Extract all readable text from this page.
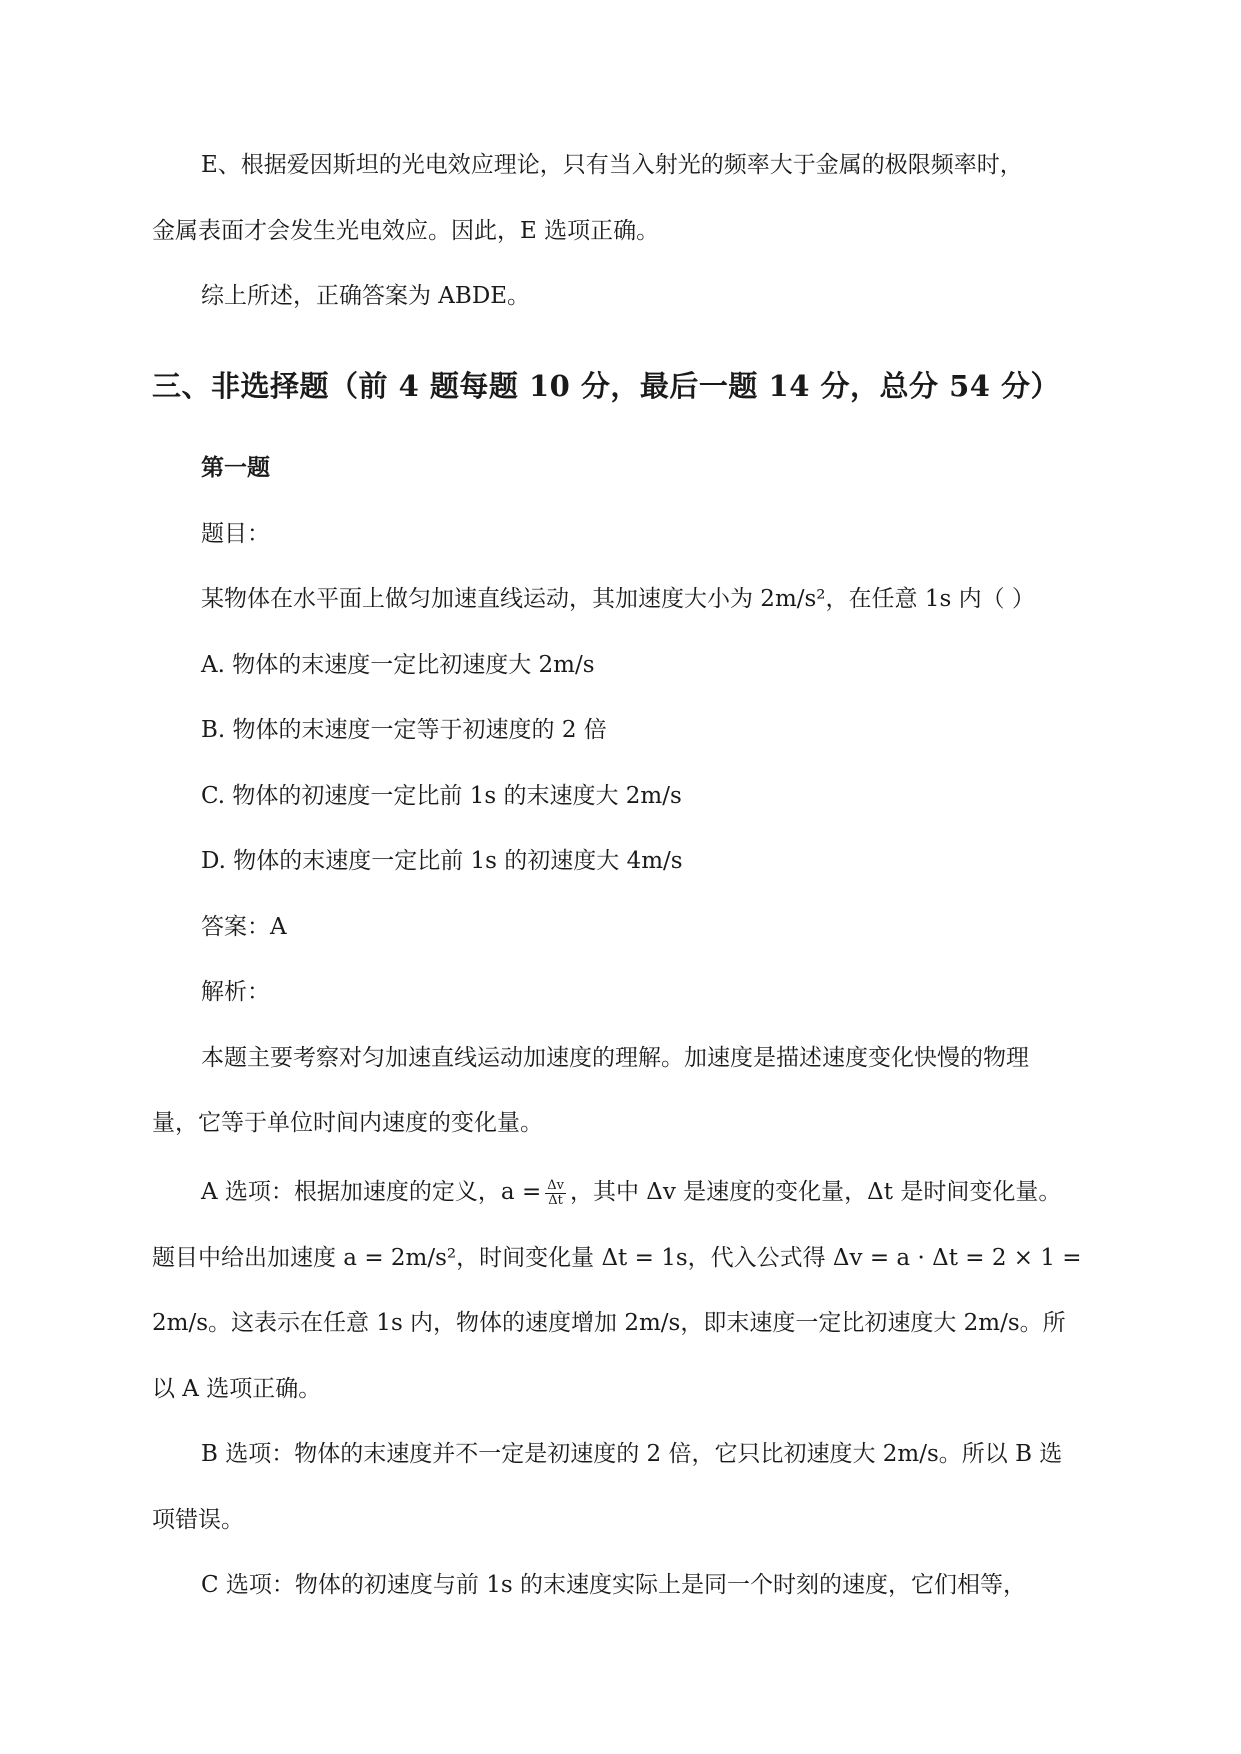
E、根据爱因斯坦的光电效应理论，只有当入射光的频率大于金属的极限频率时，
金属表面才会发生光电效应。因此，E 选项正确。
综上所述，正确答案为 ABDE。
三、非选择题（前 4 题每题 10 分，最后一题 14 分，总分 54 分）
第一题
题目：
某物体在水平面上做匀加速直线运动，其加速度大小为 2m/s²，在任意 1s 内（ ）
A. 物体的末速度一定比初速度大 2m/s
B. 物体的末速度一定等于初速度的 2 倍
C. 物体的初速度一定比前 1s 的末速度大 2m/s
D. 物体的末速度一定比前 1s 的初速度大 4m/s
答案：A
解析：
本题主要考察对匀加速直线运动加速度的理解。加速度是描述速度变化快慢的物理
量，它等于单位时间内速度的变化量。
A 选项：根据加速度的定义，$a = \frac{\Delta v}{\Delta t}$ ，其中 Δv 是速度的变化量，Δt 是时间变化量。
题目中给出加速度 a = 2m/s²，时间变化量 Δt = 1s，代入公式得 Δv = a · Δt = 2 × 1 =
2m/s。这表示在任意 1s 内，物体的速度增加 2m/s，即末速度一定比初速度大 2m/s。所
以 A 选项正确。
B 选项：物体的末速度并不一定是初速度的 2 倍，它只比初速度大 2m/s。所以 B 选
项错误。
C 选项：物体的初速度与前 1s 的末速度实际上是同一个时刻的速度，它们相等，
